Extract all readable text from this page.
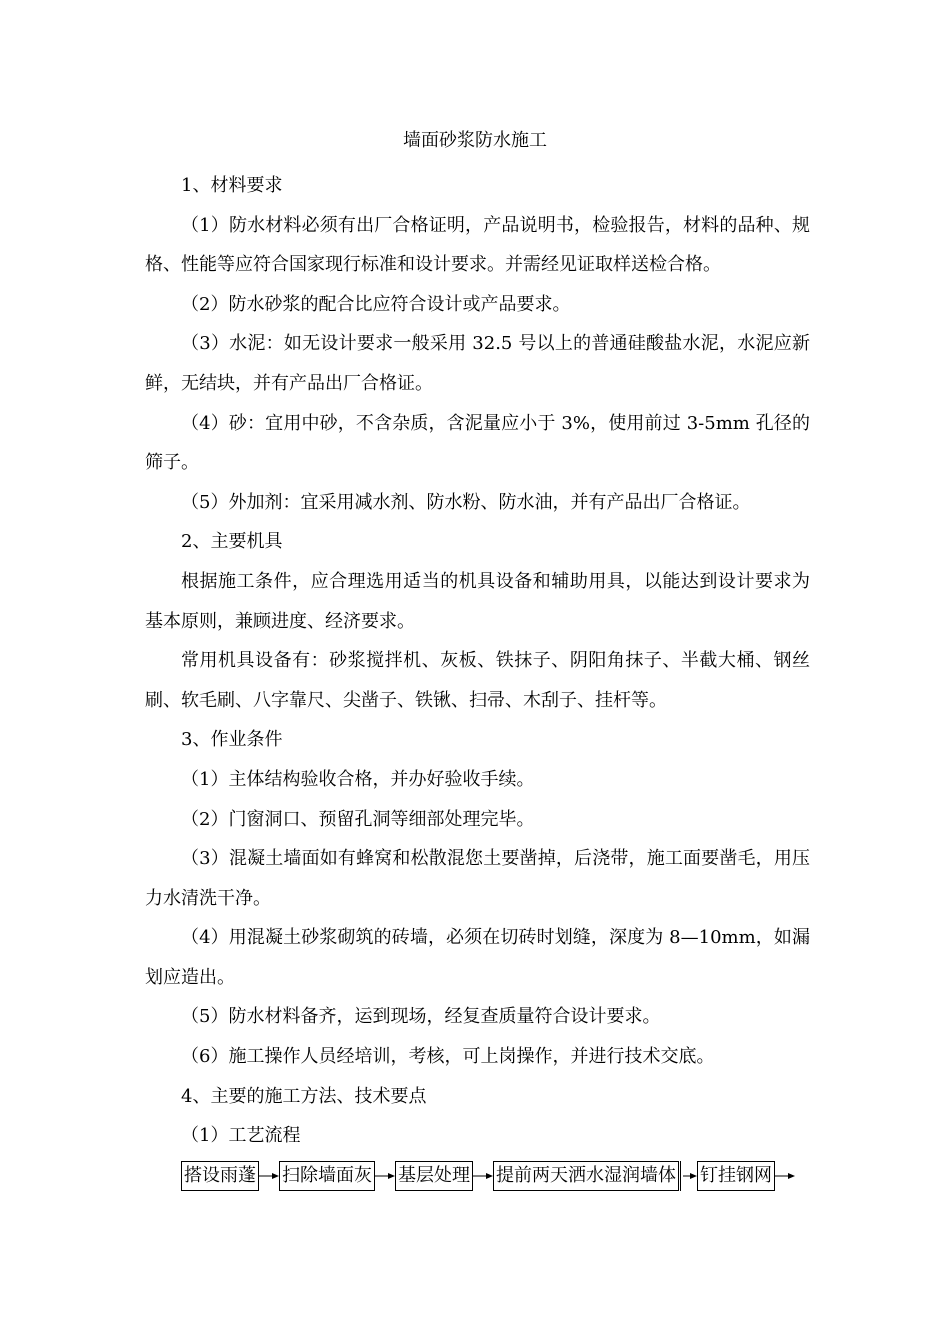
墙面砂浆防水施工

1、材料要求

（1）防水材料必须有出厂合格证明，产品说明书，检验报告，材料的品种、规格、性能等应符合国家现行标准和设计要求。并需经见证取样送检合格。

（2）防水砂浆的配合比应符合设计或产品要求。

（3）水泥：如无设计要求一般采用 32.5 号以上的普通硅酸盐水泥，水泥应新鲜，无结块，并有产品出厂合格证。

（4）砂：宜用中砂，不含杂质，含泥量应小于 3%，使用前过 3-5mm 孔径的筛子。

（5）外加剂：宜采用减水剂、防水粉、防水油，并有产品出厂合格证。

2、主要机具

根据施工条件，应合理选用适当的机具设备和辅助用具，以能达到设计要求为基本原则，兼顾进度、经济要求。

常用机具设备有：砂浆搅拌机、灰板、铁抹子、阴阳角抹子、半截大桶、钢丝刷、软毛刷、八字靠尺、尖凿子、铁锹、扫帚、木刮子、挂杆等。

3、作业条件

（1）主体结构验收合格，并办好验收手续。

（2）门窗洞口、预留孔洞等细部处理完毕。

（3）混凝土墙面如有蜂窝和松散混您土要凿掉，后浇带，施工面要凿毛，用压力水清洗干净。

（4）用混凝土砂浆砌筑的砖墙，必须在切砖时划缝，深度为 8—10mm，如漏划应造出。

（5）防水材料备齐，运到现场，经复查质量符合设计要求。

（6）施工操作人员经培训，考核，可上岗操作，并进行技术交底。

4、主要的施工方法、技术要点

（1）工艺流程

搭设雨蓬 扫除墙面灰 基层处理 提前两天洒水湿润墙体 钉挂钢网
